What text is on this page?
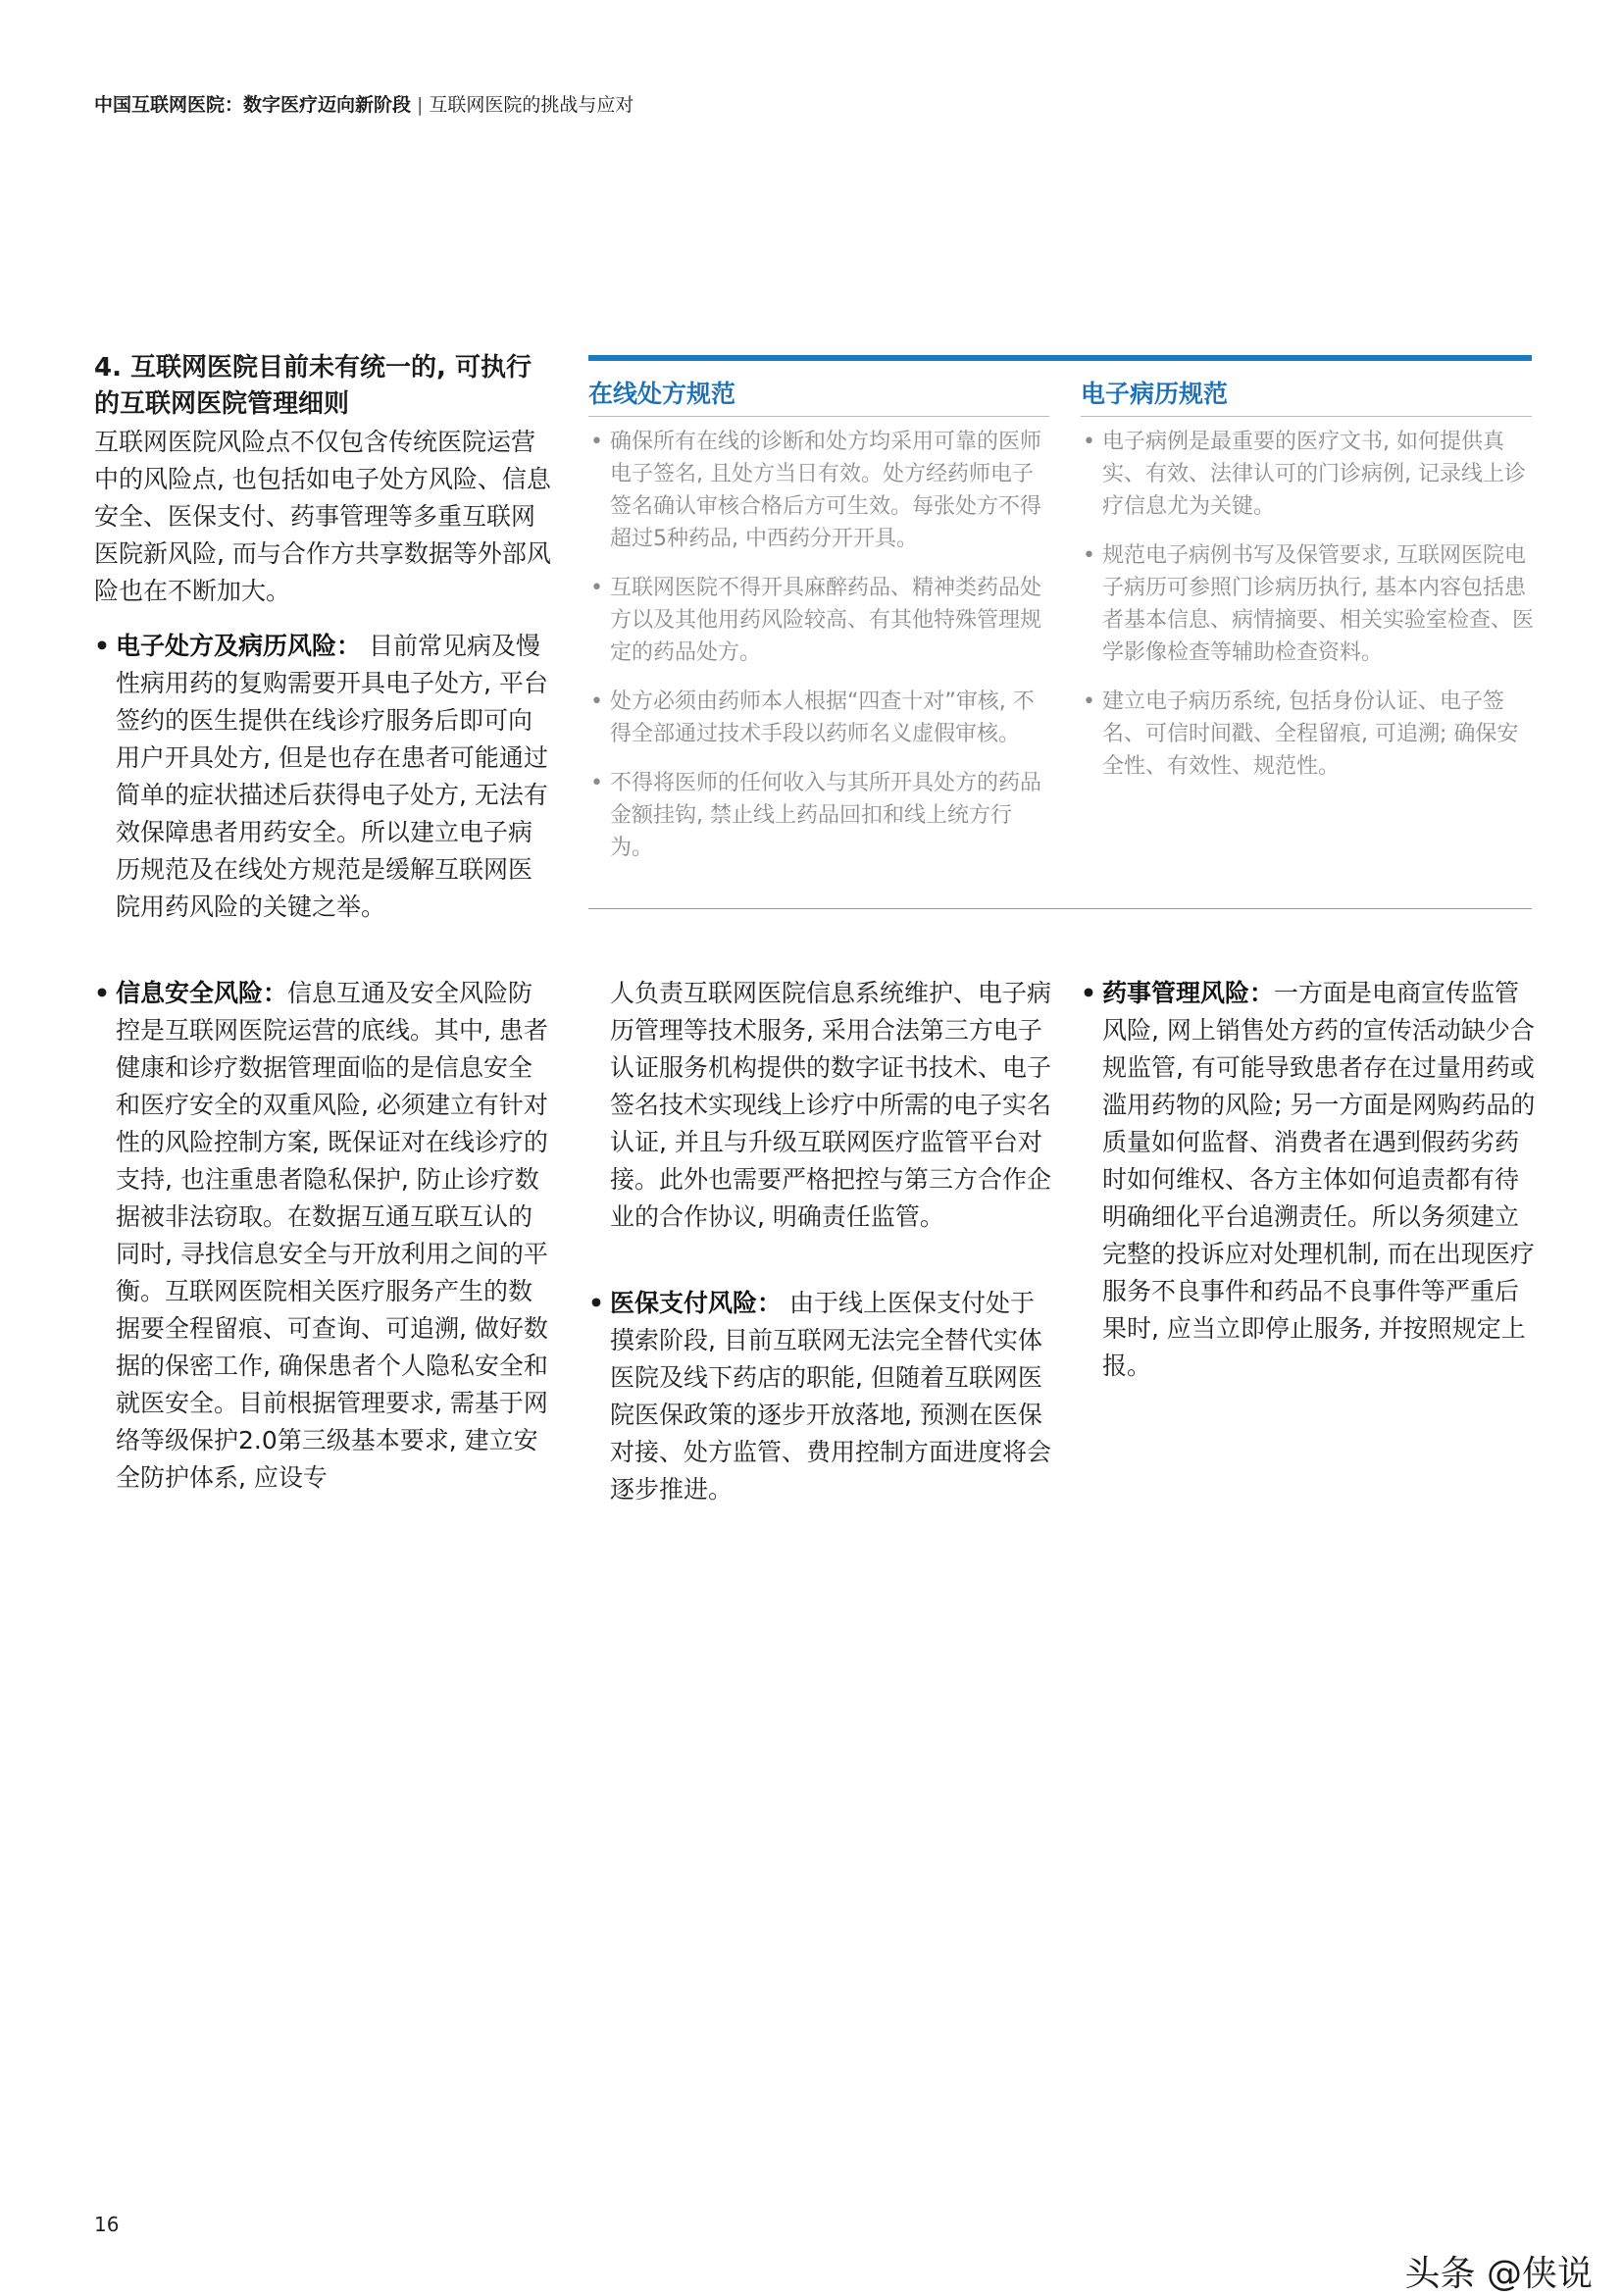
中国互联网医院：数字医疗迈向新阶段 | 互联网医院的挑战与应对
4. 互联网医院目前未有统一的, 可执行的互联网医院管理细则
互联网医院风险点不仅包含传统医院运营中的风险点, 也包括如电子处方风险、信息安全、医保支付、药事管理等多重互联网医院新风险, 而与合作方共享数据等外部风险也在不断加大。
• 电子处方及病历风险： 目前常见病及慢性病用药的复购需要开具电子处方, 平台签约的医生提供在线诊疗服务后即可向用户开具处方, 但是也存在患者可能通过简单的症状描述后获得电子处方, 无法有效保障患者用药安全。所以建立电子病历规范及在线处方规范是缓解互联网医院用药风险的关键之举。
• 信息安全风险：信息互通及安全风险防控是互联网医院运营的底线。其中, 患者健康和诊疗数据管理面临的是信息安全和医疗安全的双重风险, 必须建立有针对性的风险控制方案, 既保证对在线诊疗的支持, 也注重患者隐私保护, 防止诊疗数据被非法窃取。在数据互通互联互认的同时, 寻找信息安全与开放利用之间的平衡。互联网医院相关医疗服务产生的数据要全程留痕、可查询、可追溯, 做好数据的保密工作, 确保患者个人隐私安全和就医安全。目前根据管理要求, 需基于网络等级保护2.0第三级基本要求, 建立安全防护体系, 应设专
人负责互联网医院信息系统维护、电子病历管理等技术服务, 采用合法第三方电子认证服务机构提供的数字证书技术、电子签名技术实现线上诊疗中所需的电子实名认证, 并且与升级互联网医疗监管平台对接。此外也需要严格把控与第三方合作企业的合作协议, 明确责任监管。
• 医保支付风险： 由于线上医保支付处于摸索阶段, 目前互联网无法完全替代实体医院及线下药店的职能, 但随着互联网医院医保政策的逐步开放落地, 预测在医保对接、处方监管、费用控制方面进度将会逐步推进。
• 药事管理风险：一方面是电商宣传监管风险, 网上销售处方药的宣传活动缺少合规监管, 有可能导致患者存在过量用药或滥用药物的风险; 另一方面是网购药品的质量如何监督、消费者在遇到假药劣药时如何维权、各方主体如何追责都有待明确细化平台追溯责任。所以务须建立完整的投诉应对处理机制, 而在出现医疗服务不良事件和药品不良事件等严重后果时, 应当立即停止服务, 并按照规定上报。
在线处方规范	电子病历规范
• 确保所有在线的诊断和处方均采用可靠的医师电子签名, 且处方当日有效。处方经药师电子签名确认审核合格后方可生效。每张处方不得超过5种药品, 中西药分开开具。
• 互联网医院不得开具麻醉药品、精神类药品处方以及其他用药风险较高、有其他特殊管理规定的药品处方。
• 处方必须由药师本人根据“四查十对”审核, 不得全部通过技术手段以药师名义虚假审核。
• 不得将医师的任何收入与其所开具处方的药品金额挂钩, 禁止线上药品回扣和线上统方行为。
• 电子病例是最重要的医疗文书, 如何提供真实、有效、法律认可的门诊病例, 记录线上诊疗信息尤为关键。
• 规范电子病例书写及保管要求, 互联网医院电子病历可参照门诊病历执行, 基本内容包括患者基本信息、病情摘要、相关实验室检查、医学影像检查等辅助检查资料。
• 建立电子病历系统, 包括身份认证、电子签名、可信时间戳、全程留痕, 可追溯; 确保安全性、有效性、规范性。
16
头条 @侠说
